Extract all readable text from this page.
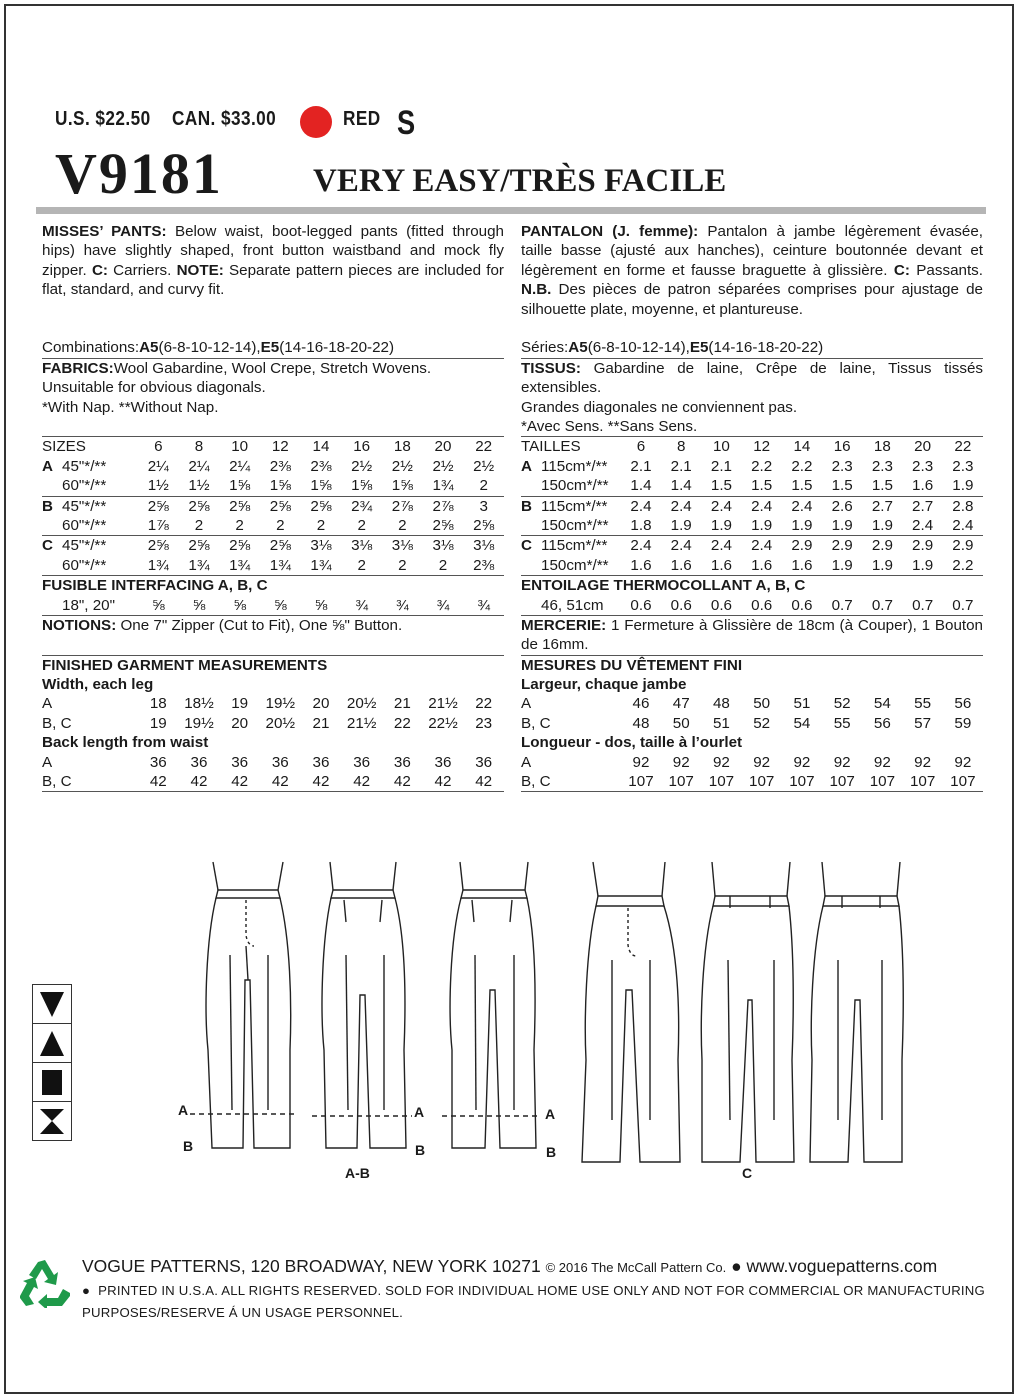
U.S. $22.50 CAN. $33.00	RED S
V9181	VERY EASY/TRÈS FACILE

MISSES’ PANTS: Below waist, boot-legged pants (fitted through hips) have slightly shaped, front button waistband and mock fly zipper. C: Carriers. NOTE: Separate pattern pieces are included for flat, standard, and curvy fit.

Combinations: A5 (6-8-10-12-14), E5 (14-16-18-20-22)
FABRICS: Wool Gabardine, Wool Crepe, Stretch Wovens.
Unsuitable for obvious diagonals.
*With Nap. **Without Nap.
SIZES	6	8	10	12	14	16	18	20	22
A 45"*/**	2¼	2¼	2¼	2⅜	2⅜	2½	2½	2½	2½
60"*/**	1½	1½	1⅝	1⅝	1⅝	1⅝	1⅝	1¾	2
B 45"*/**	2⅝	2⅝	2⅝	2⅝	2⅝	2¾	2⅞	2⅞	3
60"*/**	1⅞	2	2	2	2	2	2	2⅝	2⅝
C 45"*/**	2⅝	2⅝	2⅝	2⅝	3⅛	3⅛	3⅛	3⅛	3⅛
60"*/**	1¾	1¾	1¾	1¾	1¾	2	2	2	2⅜
FUSIBLE INTERFACING A, B, C
18", 20"	⅝	⅝	⅝	⅝	⅝	¾	¾	¾	¾
NOTIONS: One 7" Zipper (Cut to Fit), One ⅝" Button.
FINISHED GARMENT MEASUREMENTS
Width, each leg
A	18	18½	19	19½	20	20½	21	21½	22
B, C	19	19½	20	20½	21	21½	22	22½	23
Back length from waist
A	36	36	36	36	36	36	36	36	36
B, C	42	42	42	42	42	42	42	42	42

PANTALON (J. femme): Pantalon à jambe légèrement évasée, taille basse (ajusté aux hanches), ceinture boutonnée devant et légèrement en forme et fausse braguette à glissière. C: Passants. N.B. Des pièces de patron séparées comprises pour ajustage de silhouette plate, moyenne, et plantureuse.

Séries: A5 (6-8-10-12-14), E5 (14-16-18-20-22)
TISSUS: Gabardine de laine, Crêpe de laine, Tissus tissés extensibles.
Grandes diagonales ne conviennent pas.
*Avec Sens. **Sans Sens.
TAILLES	6	8	10	12	14	16	18	20	22
A 115cm*/**	2.1	2.1	2.1	2.2	2.2	2.3	2.3	2.3	2.3
150cm*/**	1.4	1.4	1.5	1.5	1.5	1.5	1.5	1.6	1.9
B 115cm*/**	2.4	2.4	2.4	2.4	2.4	2.6	2.7	2.7	2.8
150cm*/**	1.8	1.9	1.9	1.9	1.9	1.9	1.9	2.4	2.4
C 115cm*/**	2.4	2.4	2.4	2.4	2.9	2.9	2.9	2.9	2.9
150cm*/**	1.6	1.6	1.6	1.6	1.6	1.9	1.9	1.9	2.2
ENTOILAGE THERMOCOLLANT A, B, C
46, 51cm	0.6	0.6	0.6	0.6	0.6	0.7	0.7	0.7	0.7
MERCERIE: 1 Fermeture à Glissière de 18cm (à Couper), 1 Bouton de 16mm.
MESURES DU VÊTEMENT FINI
Largeur, chaque jambe
A	46	47	48	50	51	52	54	55	56
B, C	48	50	51	52	54	55	56	57	59
Longueur - dos, taille à l’ourlet
A	92	92	92	92	92	92	92	92	92
B, C	107 107 107 107 107 107 107 107 107
A
B
A
B
A
B
A-B	C
VOGUE PATTERNS, 120 BROADWAY, NEW YORK 10271 © 2016 The McCall Pattern Co. ● www.voguepatterns.com
● PRINTED IN U.S.A. ALL RIGHTS RESERVED. SOLD FOR INDIVIDUAL HOME USE ONLY AND NOT FOR COMMERCIAL OR MANUFACTURING PURPOSES/RESERVE Á UN USAGE PERSONNEL.
